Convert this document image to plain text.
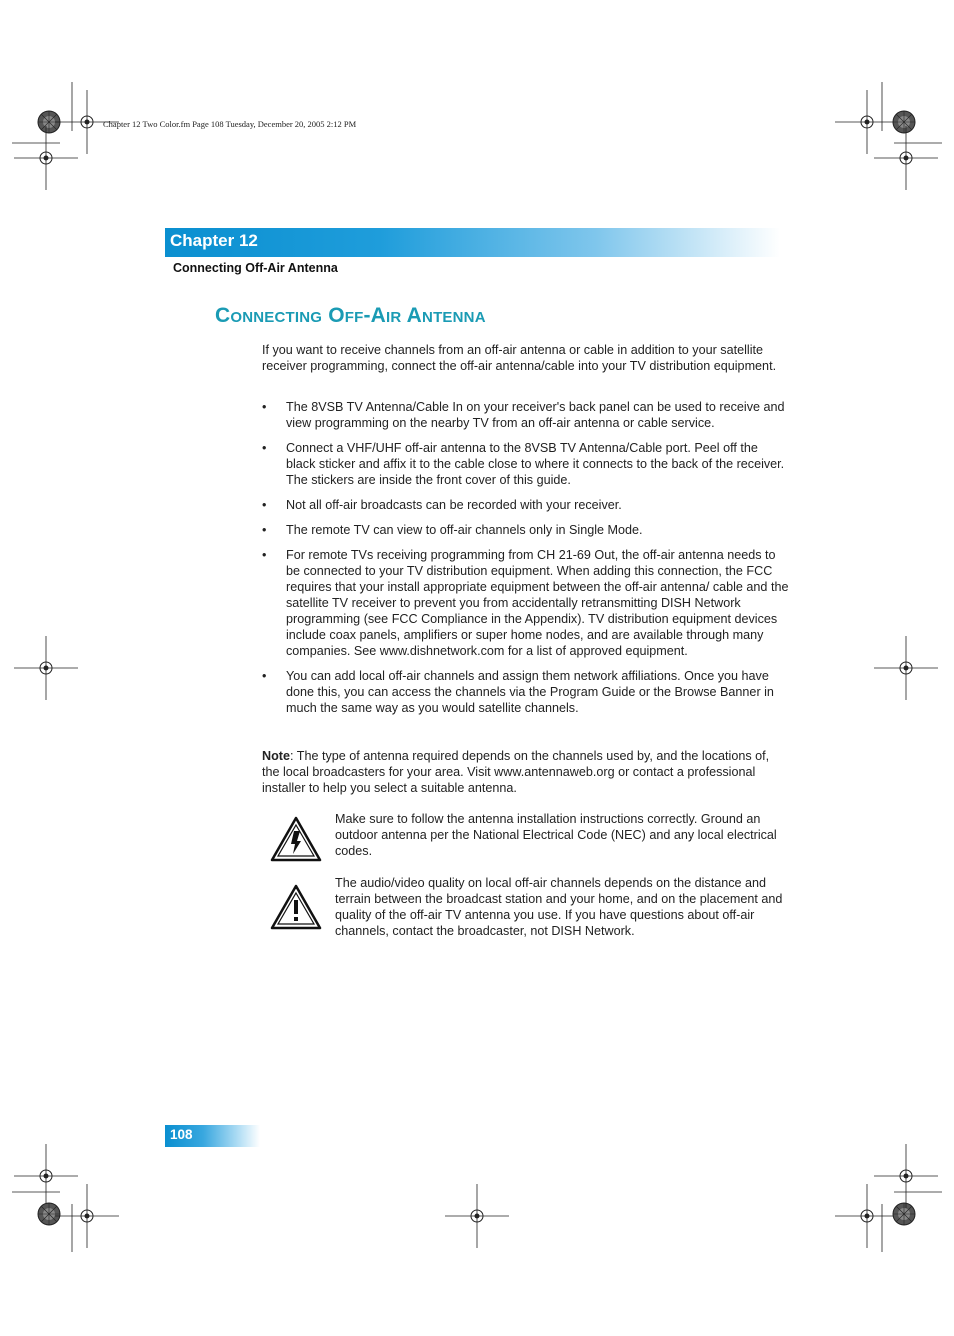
Chapter 12 Two Color.fm Page 108 Tuesday, December 20, 2005 2:12 PM
Chapter 12
Connecting Off-Air Antenna
Connecting Off-Air Antenna

If you want to receive channels from an off-air antenna or cable in addition to your satellite receiver programming, connect the off-air antenna/cable into your TV distribution equipment.

• The 8VSB TV Antenna/Cable In on your receiver's back panel can be used to receive and view programming on the nearby TV from an off-air antenna or cable service.
• Connect a VHF/UHF off-air antenna to the 8VSB TV Antenna/Cable port. Peel off the black sticker and affix it to the cable close to where it connects to the back of the receiver. The stickers are inside the front cover of this guide.
• Not all off-air broadcasts can be recorded with your receiver.
• The remote TV can view to off-air channels only in Single Mode.
• For remote TVs receiving programming from CH 21-69 Out, the off-air antenna needs to be connected to your TV distribution equipment. When adding this connection, the FCC requires that your install appropriate equipment between the off-air antenna/ cable and the satellite TV receiver to prevent you from accidentally retransmitting DISH Network programming (see FCC Compliance in the Appendix). TV distribution equipment devices include coax panels, amplifiers or super home nodes, and are available through many companies. See www.dishnetwork.com for a list of approved equipment.
• You can add local off-air channels and assign them network affiliations. Once you have done this, you can access the channels via the Program Guide or the Browse Banner in much the same way as you would satellite channels.

Note: The type of antenna required depends on the channels used by, and the locations of, the local broadcasters for your area. Visit www.antennaweb.org or contact a professional installer to help you select a suitable antenna.

Make sure to follow the antenna installation instructions correctly. Ground an outdoor antenna per the National Electrical Code (NEC) and any local electrical codes.

The audio/video quality on local off-air channels depends on the distance and terrain between the broadcast station and your home, and on the placement and quality of the off-air TV antenna you use. If you have questions about off-air channels, contact the broadcaster, not DISH Network.

108
